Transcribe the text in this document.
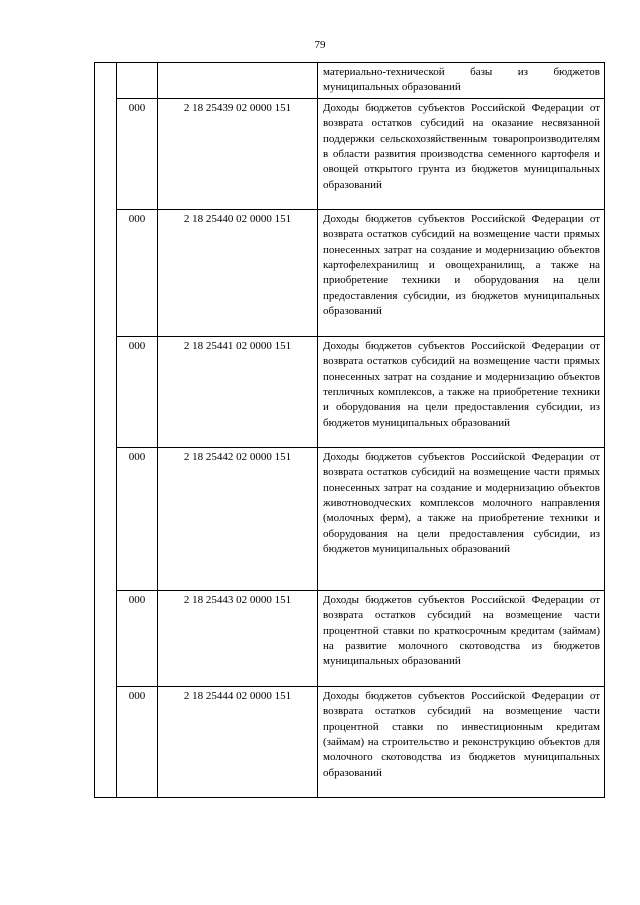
79
			материально-технической базы из бюджетов муниципальных образований
	000	2 18 25439 02 0000 151	Доходы бюджетов субъектов Российской Федерации от возврата остатков субсидий на оказание несвязанной поддержки сельскохозяйственным товаропроизводителям в области развития производства семенного картофеля и овощей открытого грунта из бюджетов муниципальных образований
	000	2 18 25440 02 0000 151	Доходы бюджетов субъектов Российской Федерации от возврата остатков субсидий на возмещение части прямых понесенных затрат на создание и модернизацию объектов картофелехранилищ и овощехранилищ, а также на приобретение техники и оборудования на цели предоставления субсидии, из бюджетов муниципальных образований
	000	2 18 25441 02 0000 151	Доходы бюджетов субъектов Российской Федерации от возврата остатков субсидий на возмещение части прямых понесенных затрат на создание и модернизацию объектов тепличных комплексов, а также на приобретение техники и оборудования на цели предоставления субсидии, из бюджетов муниципальных образований
	000	2 18 25442 02 0000 151	Доходы бюджетов субъектов Российской Федерации от возврата остатков субсидий на возмещение части прямых понесенных затрат на создание и модернизацию объектов животноводческих комплексов молочного направления (молочных ферм), а также на приобретение техники и оборудования на цели предоставления субсидии, из бюджетов муниципальных образований
	000	2 18 25443 02 0000 151	Доходы бюджетов субъектов Российской Федерации от возврата остатков субсидий на возмещение части процентной ставки по краткосрочным кредитам (займам) на развитие молочного скотоводства из бюджетов муниципальных образований
	000	2 18 25444 02 0000 151	Доходы бюджетов субъектов Российской Федерации от возврата остатков субсидий на возмещение части процентной ставки по инвестиционным кредитам (займам) на строительство и реконструкцию объектов для молочного скотоводства из бюджетов муниципальных образований
